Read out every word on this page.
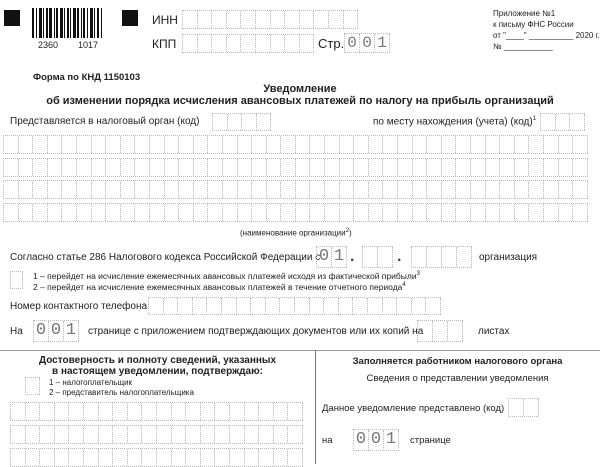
2360 1017
ИНН
КПП	Стр. 0 0 1
Приложение №1
к письму ФНС России
от "____" __________ 2020 г.
№ ___________
Форма по КНД 1150103
Уведомление
об изменении порядка исчисления авансовых платежей по налогу на прибыль организаций
Представляется в налоговый орган (код)	по месту нахождения (учета) (код)$^1$
(наименование организации$^2$)
Согласно статье 286 Налогового кодекса Российской Федерации с
0 1 .	.	организация
1 – перейдет на исчисление ежемесячных авансовых платежей исходя из фактической прибыли$^3$
2 – перейдет на исчисление ежемесячных авансовых платежей в течение отчетного периода$^4$
Номер контактного телефона
На 0 0 1 странице с приложением подтверждающих документов или их копий на	листах
Достоверность и полноту сведений, указанных
в настоящем уведомлении, подтверждаю:
1 – налогоплательщик
2 – представитель налогоплательщика
Заполняется работником налогового органа
Сведения о представлении уведомления
Данное уведомление представлено (код)
на 0 0 1	странице
